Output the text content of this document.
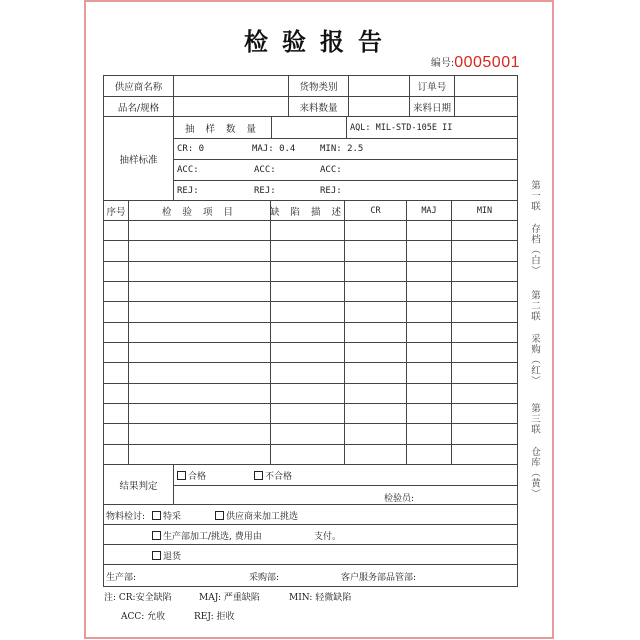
检验报告
编号:0005001
供应商名称	货物类别	订单号
品名/规格	来料数量	来料日期
抽样标准
抽 样 数 量	AQL: MIL-STD-105E II
CR: 0	MAJ: 0.4	MIN: 2.5
ACC:	ACC:	ACC:
REJ:	REJ:	REJ:
序号	检 验 项 目	缺 陷 描 述	CR	MAJ	MIN
结果判定
合格	不合格
检验员:
物料检讨:	特采	供应商来加工挑选
生产部加工/挑选, 费用由	支付。
退货
生产部:	采购部:	客户服务部品管部:
注: CR:安全缺陷	MAJ: 严重缺陷	MIN: 轻微缺陷
ACC: 允收	REJ: 拒收
第一联 存档（白）
第二联 采购（红）
第三联 仓库（黄）
